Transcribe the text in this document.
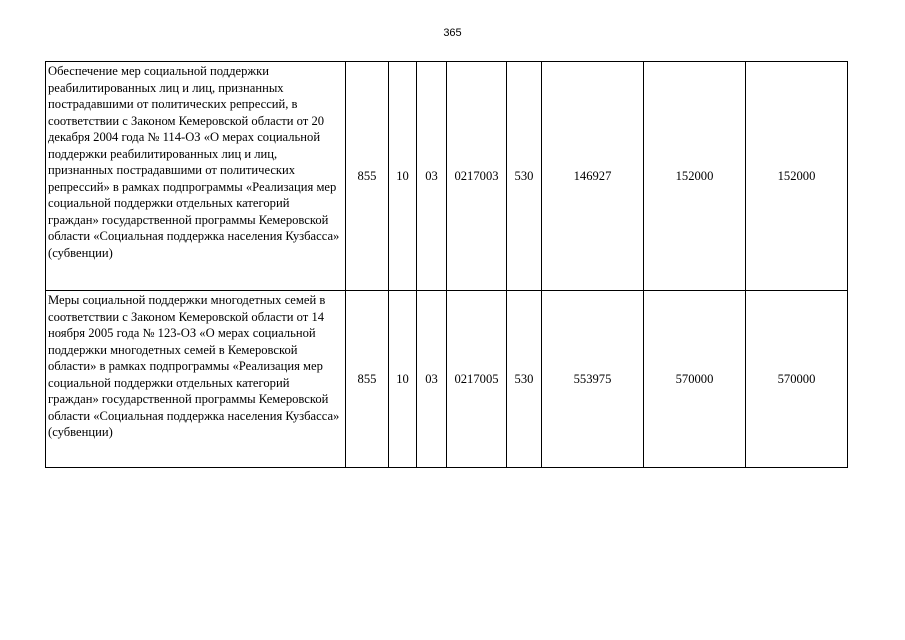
365
Обеспечение мер социальной поддержки реабилитированных лиц и лиц, признанных пострадавшими от политических репрессий, в соответствии с Законом Кемеровской области от 20 декабря 2004 года № 114-ОЗ «О мерах социальной поддержки реабилитированных лиц и лиц, признанных пострадавшими от политических репрессий» в рамках подпрограммы «Реализация мер социальной поддержки отдельных категорий граждан» государственной программы Кемеровской области «Социальная поддержка населения Кузбасса» (субвенции)	855	10	03	0217003	530	146927	152000	152000
Меры социальной поддержки многодетных семей в соответствии с Законом Кемеровской области от 14 ноября 2005 года № 123-ОЗ «О мерах социальной поддержки многодетных семей в Кемеровской области» в рамках подпрограммы «Реализация мер социальной поддержки отдельных категорий граждан» государственной программы Кемеровской области «Социальная поддержка населения Кузбасса» (субвенции)	855	10	03	0217005	530	553975	570000	570000
